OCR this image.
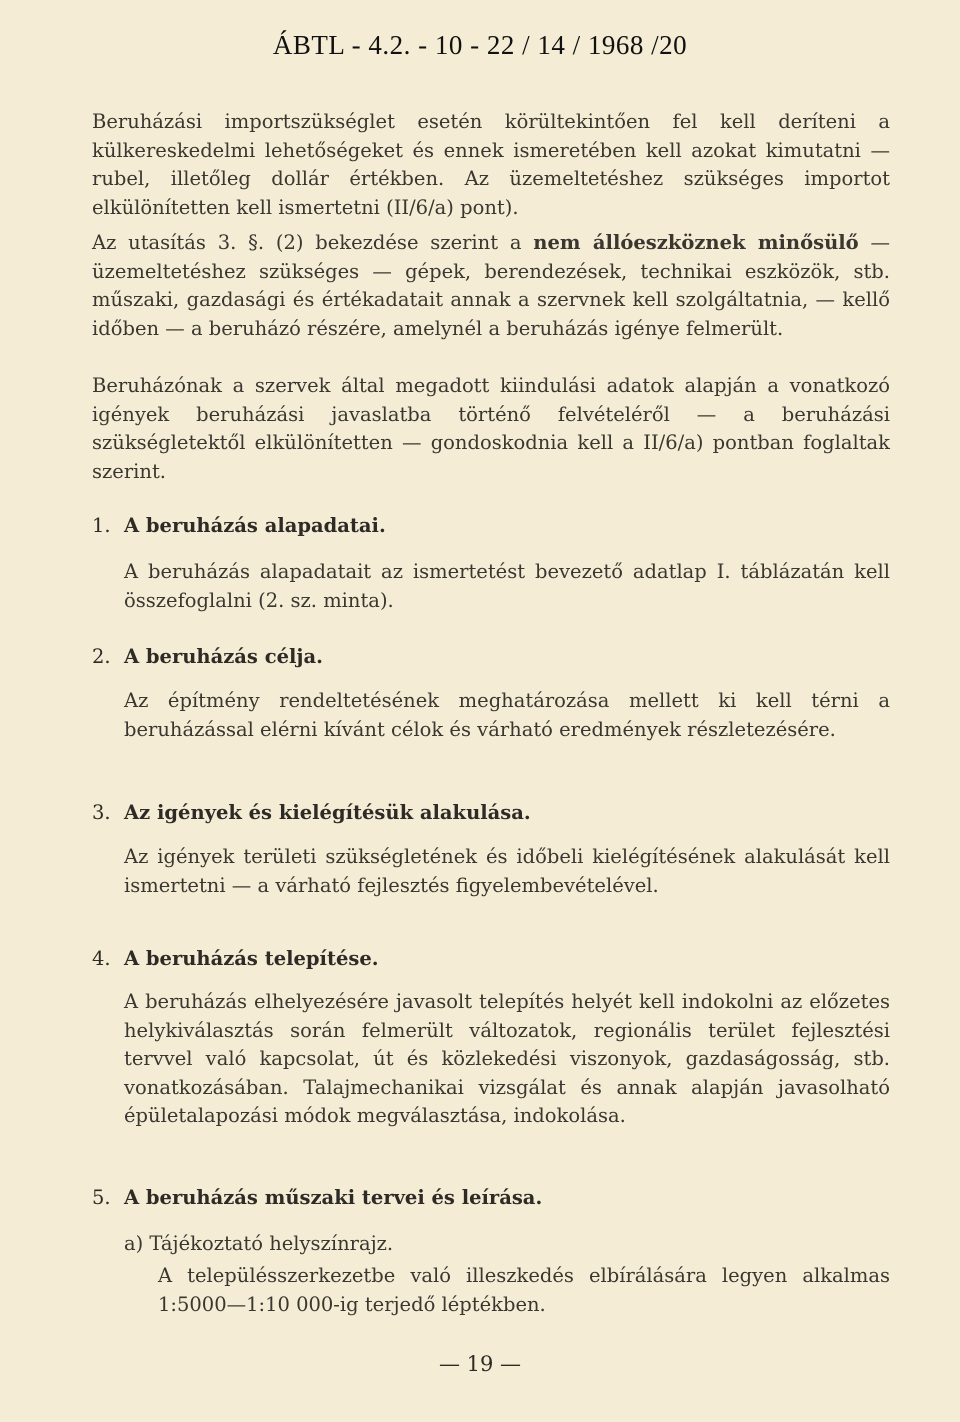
ÁBTL - 4.2. - 10 - 22 / 14 / 1968 /20

Beruházási importszükséglet esetén körültekintően fel kell deríteni a külkereskedelmi lehetőségeket és ennek ismeretében kell azokat kimutatni — rubel, illetőleg dollár értékben. Az üzemeltetéshez szükséges importot elkülönítetten kell ismertetni (II/6/a) pont).

Az utasítás 3. §. (2) bekezdése szerint a nem állóeszköznek minősülő — üzemeltetéshez szükséges — gépek, berendezések, technikai eszközök, stb. műszaki, gazdasági és értékadatait annak a szervnek kell szolgáltatnia, — kellő időben — a beruházó részére, amelynél a beruházás igénye felmerült.

Beruházónak a szervek által megadott kiindulási adatok alapján a vonatkozó igények beruházási javaslatba történő felvételéről — a beruházási szükségletektől elkülönítetten — gondoskodnia kell a II/6/a) pontban foglaltak szerint.

1. A beruházás alapadatai.

A beruházás alapadatait az ismertetést bevezető adatlap I. táblázatán kell összefoglalni (2. sz. minta).

2. A beruházás célja.

Az építmény rendeltetésének meghatározása mellett ki kell térni a beruházással elérni kívánt célok és várható eredmények részletezésére.

3. Az igények és kielégítésük alakulása.

Az igények területi szükségletének és időbeli kielégítésének alakulását kell ismertetni — a várható fejlesztés figyelembevételével.

4. A beruházás telepítése.

A beruházás elhelyezésére javasolt telepítés helyét kell indokolni az előzetes helykiválasztás során felmerült változatok, regionális terület fejlesztési tervvel való kapcsolat, út és közlekedési viszonyok, gazdaságosság, stb. vonatkozásában. Talajmechanikai vizsgálat és annak alapján javasolható épületalapozási módok megválasztása, indokolása.

5. A beruházás műszaki tervei és leírása.
a) Tájékoztató helyszínrajz.

A településszerkezetbe való illeszkedés elbírálására legyen alkalmas 1:5000—1:10 000-ig terjedő léptékben.

— 19 —
